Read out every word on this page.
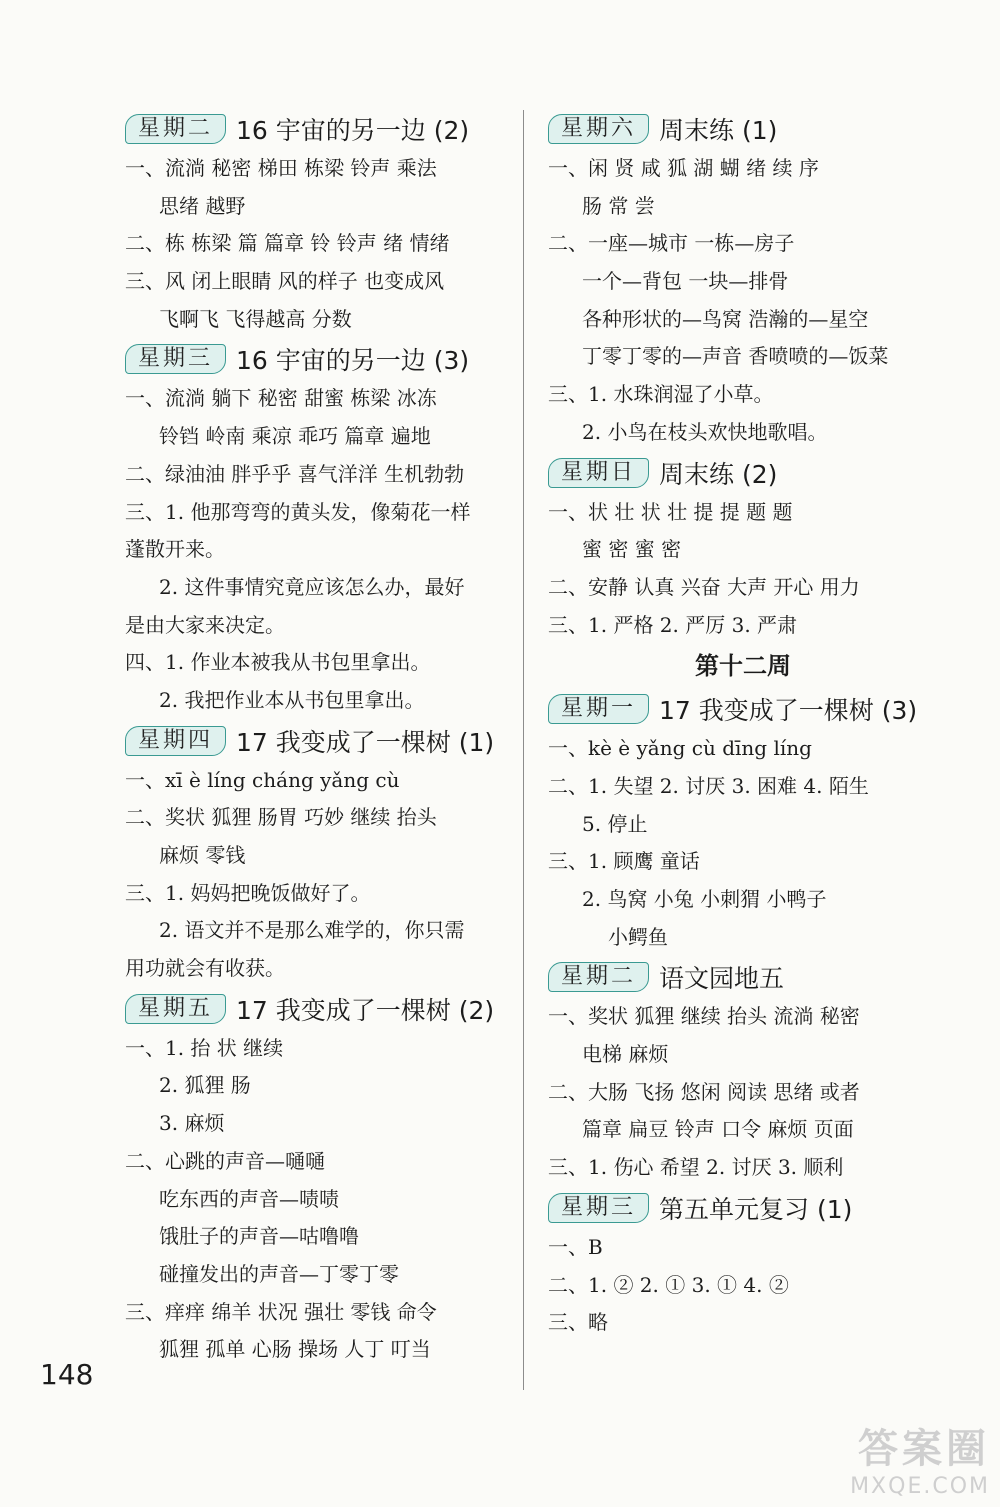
星期二 16 宇宙的另一边 (2)
一、流淌 秘密 梯田 栋梁 铃声 乘法
思绪 越野
二、栋 栋梁 篇 篇章 铃 铃声 绪 情绪
三、风 闭上眼睛 风的样子 也变成风
飞啊飞 飞得越高 分数
星期三 16 宇宙的另一边 (3)
一、流淌 躺下 秘密 甜蜜 栋梁 冰冻
铃铛 岭南 乘凉 乖巧 篇章 遍地
二、绿油油 胖乎乎 喜气洋洋 生机勃勃
三、1. 他那弯弯的黄头发，像菊花一样
蓬散开来。
2. 这件事情究竟应该怎么办，最好
是由大家来决定。
四、1. 作业本被我从书包里拿出。
2. 我把作业本从书包里拿出。
星期四 17 我变成了一棵树 (1)
一、xī è líng cháng yǎng cù
二、奖状 狐狸 肠胃 巧妙 继续 抬头
麻烦 零钱
三、1. 妈妈把晚饭做好了。
2. 语文并不是那么难学的，你只需
用功就会有收获。
星期五 17 我变成了一棵树 (2)
一、1. 抬 状 继续
2. 狐狸 肠
3. 麻烦
二、心跳的声音—嗵嗵
吃东西的声音—啧啧
饿肚子的声音—咕噜噜
碰撞发出的声音—丁零丁零
三、痒痒 绵羊 状况 强壮 零钱 命令
狐狸 孤单 心肠 操场 人丁 叮当
星期六 周末练 (1)
一、闲 贤 咸 狐 湖 蝴 绪 续 序
肠 常 尝
二、一座—城市 一栋—房子
一个—背包 一块—排骨
各种形状的—鸟窝 浩瀚的—星空
丁零丁零的—声音 香喷喷的—饭菜
三、1. 水珠润湿了小草。
2. 小鸟在枝头欢快地歌唱。
星期日 周末练 (2)
一、状 壮 状 壮 提 提 题 题
蜜 密 蜜 密
二、安静 认真 兴奋 大声 开心 用力
三、1. 严格 2. 严厉 3. 严肃
第十二周
星期一 17 我变成了一棵树 (3)
一、kè è yǎng cù dīng líng
二、1. 失望 2. 讨厌 3. 困难 4. 陌生
5. 停止
三、1. 顾鹰 童话
2. 鸟窝 小兔 小刺猬 小鸭子
小鳄鱼
星期二 语文园地五
一、奖状 狐狸 继续 抬头 流淌 秘密
电梯 麻烦
二、大肠 飞扬 悠闲 阅读 思绪 或者
篇章 扁豆 铃声 口令 麻烦 页面
三、1. 伤心 希望 2. 讨厌 3. 顺利
星期三 第五单元复习 (1)
一、B
二、1. ② 2. ① 3. ① 4. ②
三、略
148
答案圈
MXQE.COM
